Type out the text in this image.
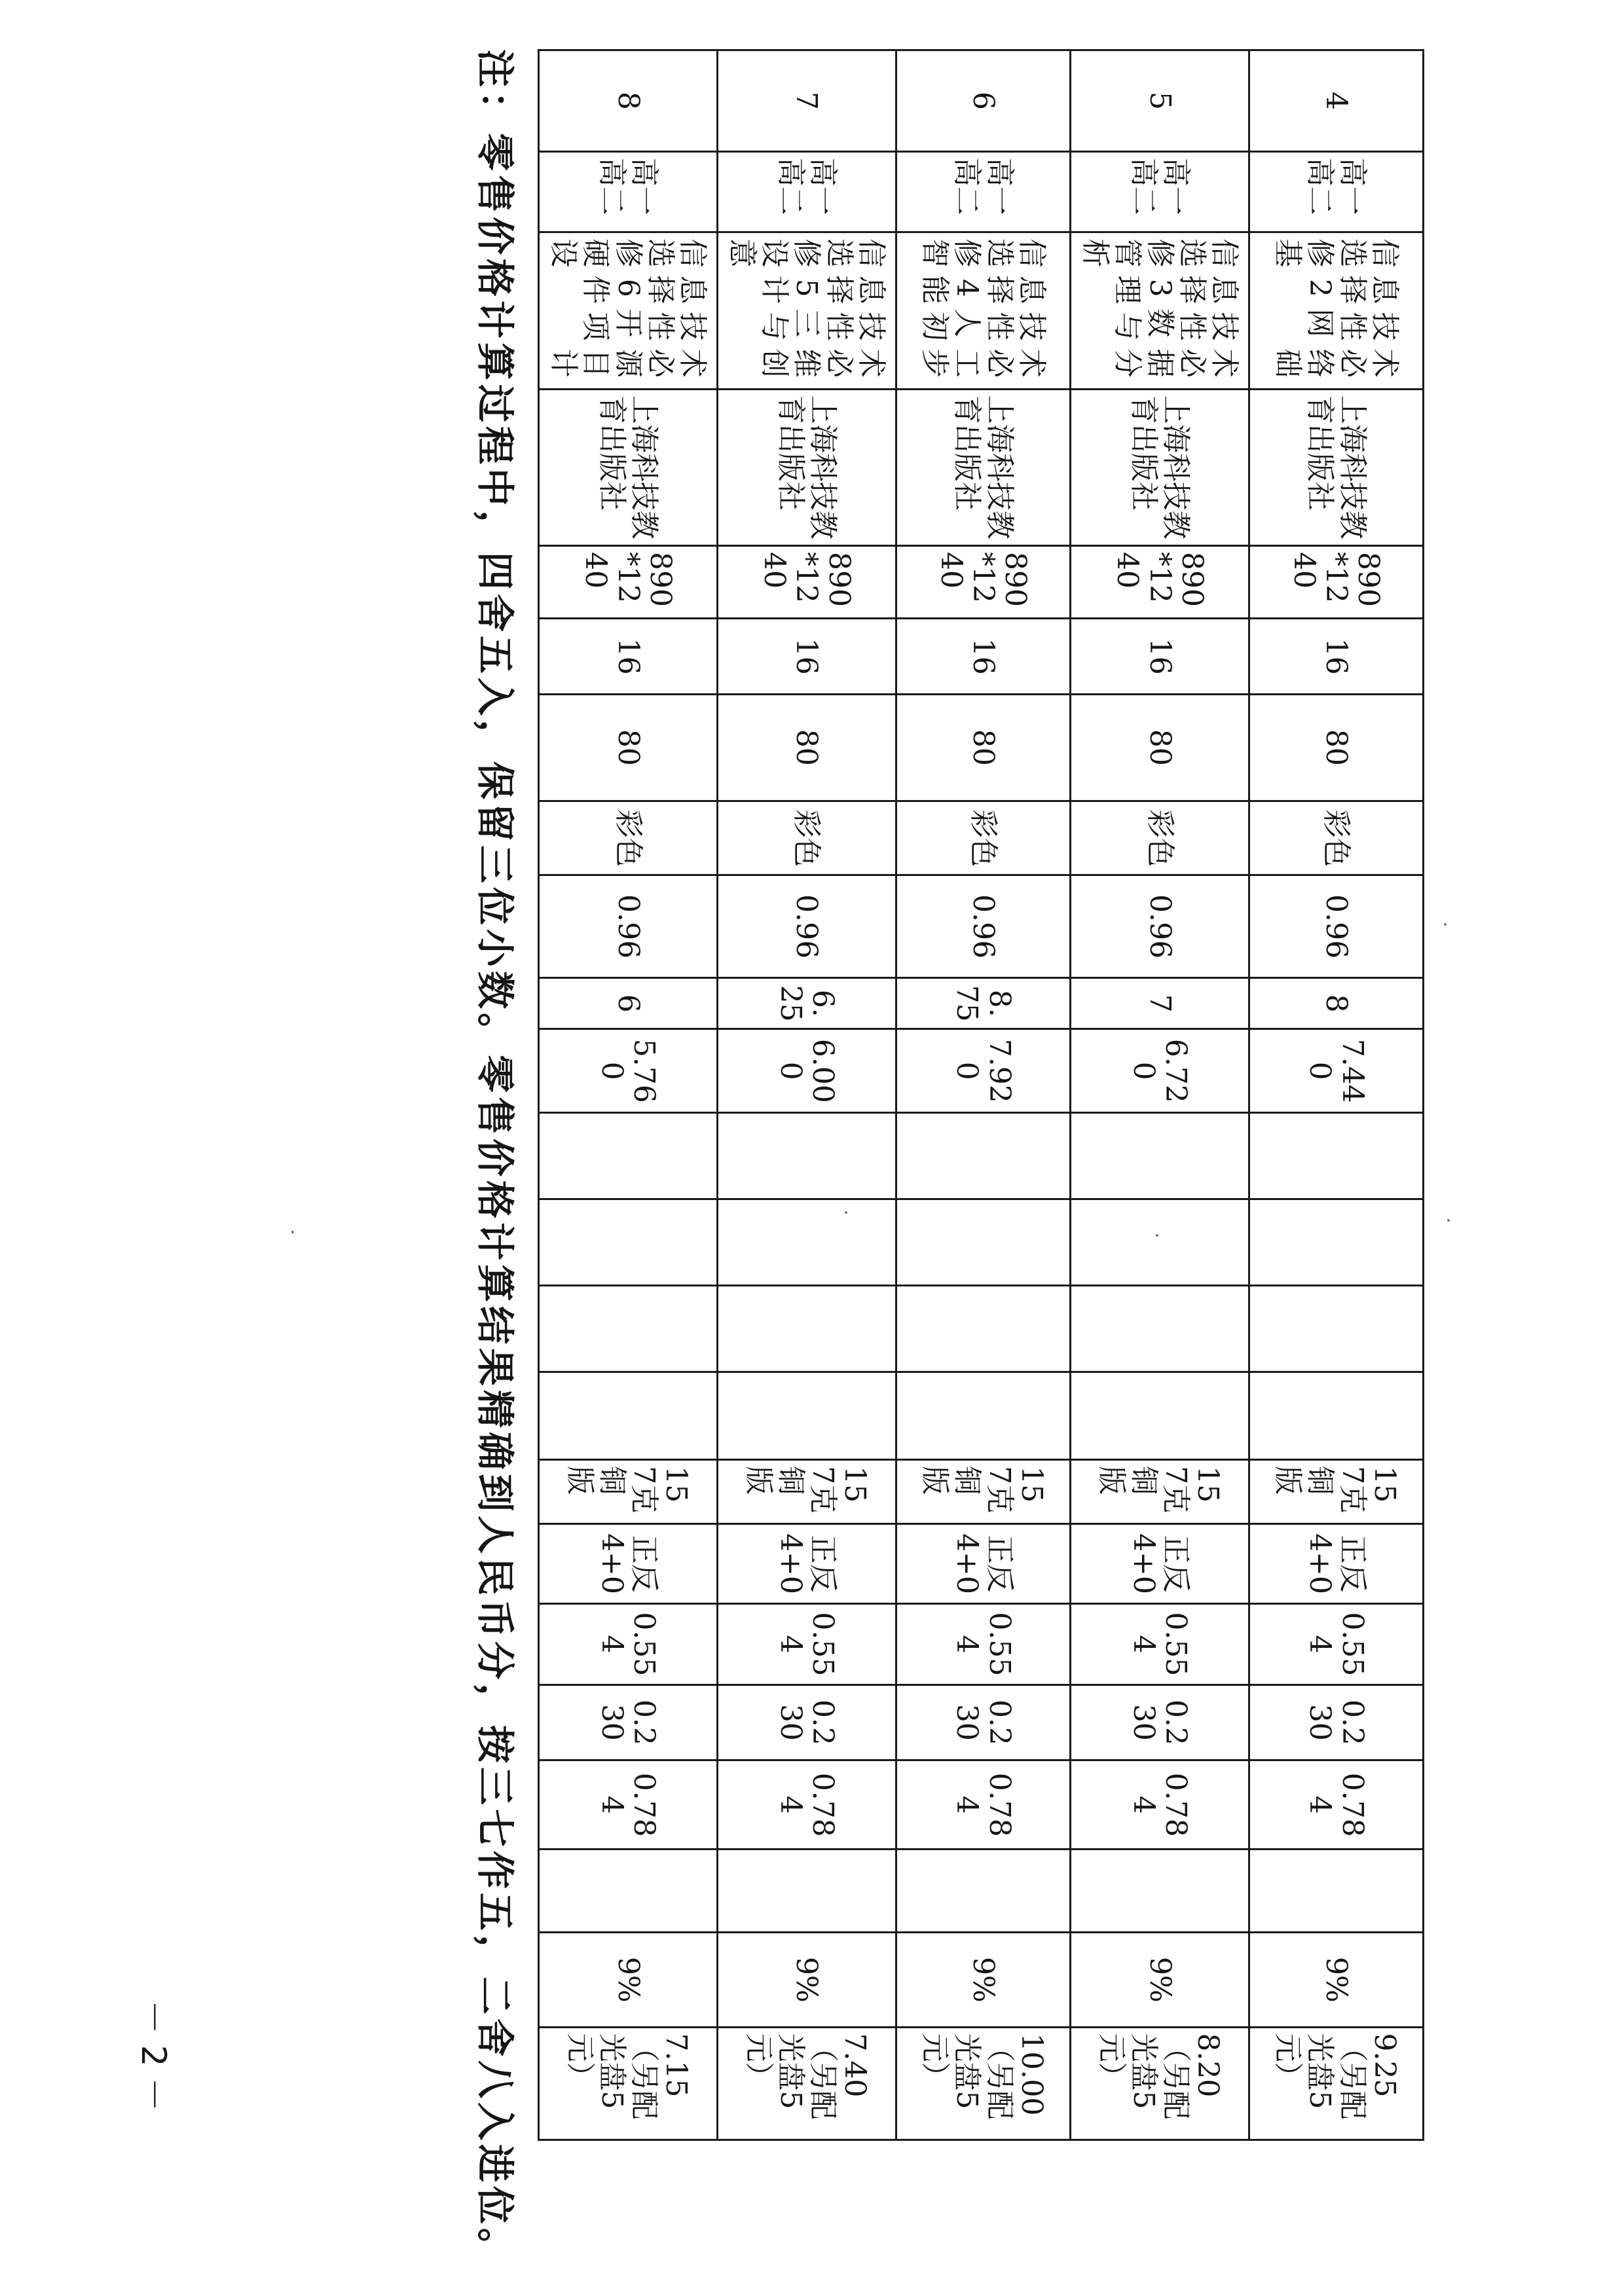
4	高一高二	信息技术选择性必修2网络基础	上海科技教育出版社	890*1240	16	80	彩色	0.96	8	7.440					157克铜版	正反4+0	0.554	0.230	0.784		9%	9.25（另配光盘5元）
5	高一高二	信息技术选择性必修3数据管理与分析	上海科技教育出版社	890*1240	16	80	彩色	0.96	7	6.720					157克铜版	正反4+0	0.554	0.230	0.784		9%	8.20（另配光盘5元）
6	高一高二	信息技术选择性必修4人工智能初步	上海科技教育出版社	890*1240	16	80	彩色	0.96	8.75	7.920					157克铜版	正反4+0	0.554	0.230	0.784		9%	10.00（另配光盘5元）
7	高一高二	信息技术选择性必修5三维设计与创意	上海科技教育出版社	890*1240	16	80	彩色	0.96	6.25	6.000					157克铜版	正反4+0	0.554	0.230	0.784		9%	7.40（另配光盘5元）
8	高一高二	信息技术选择性必修6开源硬件项目设计	上海科技教育出版社	890*1240	16	80	彩色	0.96	6	5.760					157克铜版	正反4+0	0.554	0.230	0.784		9%	7.15（另配光盘5元）
注：零售价格计算过程中，四舍五入，保留三位小数。零售价格计算结果精确到人民币分，按三七作五，二舍八入进位。
－ 2 －
